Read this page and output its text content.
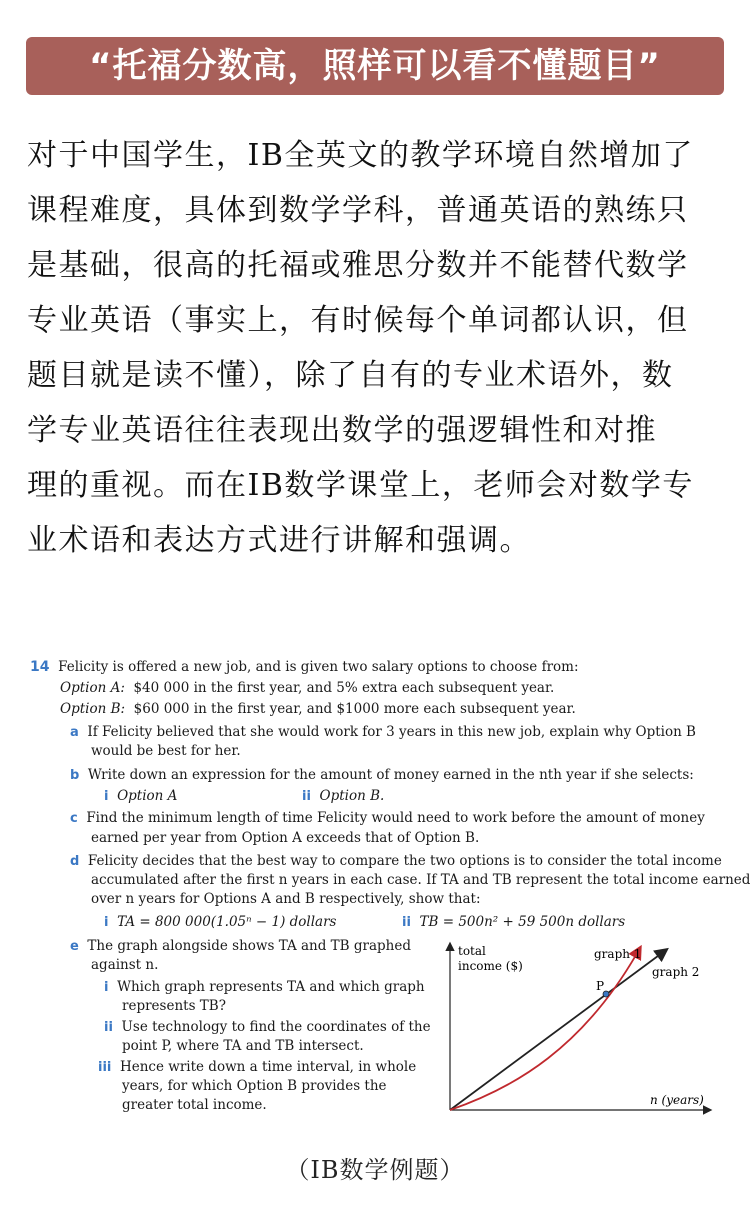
“托福分数高，照样可以看不懂题目”

对于中国学生，IB全英文的教学环境自然增加了

课程难度，具体到数学学科，普通英语的熟练只

是基础，很高的托福或雅思分数并不能替代数学

专业英语（事实上，有时候每个单词都认识，但

题目就是读不懂），除了自有的专业术语外，数

学专业英语往往表现出数学的强逻辑性和对推

理的重视。而在IB数学课堂上，老师会对数学专

业术语和表达方式进行讲解和强调。

14 Felicity is offered a new job, and is given two salary options to choose from:
Option A: $40 000 in the first year, and 5% extra each subsequent year.
Option B: $60 000 in the first year, and $1000 more each subsequent year.
a If Felicity believed that she would work for 3 years in this new job, explain why Option B
would be best for her.
b Write down an expression for the amount of money earned in the nth year if she selects:
i Option A	ii Option B.
c Find the minimum length of time Felicity would need to work before the amount of money
earned per year from Option A exceeds that of Option B.
d Felicity decides that the best way to compare the two options is to consider the total income
accumulated after the first n years in each case. If TA and TB represent the total income earned
over n years for Options A and B respectively, show that:
i TA = 800 000(1.05ⁿ − 1) dollars	ii TB = 500n² + 59 500n dollars
e The graph alongside shows TA and TB graphed
against n.
i Which graph represents TA and which graph
represents TB?
ii Use technology to find the coordinates of the
point P, where TA and TB intersect.
iii Hence write down a time interval, in whole
years, for which Option B provides the
greater total income.
total
income ($)
graph 1
graph 2
P
n (years)
（IB数学例题）
